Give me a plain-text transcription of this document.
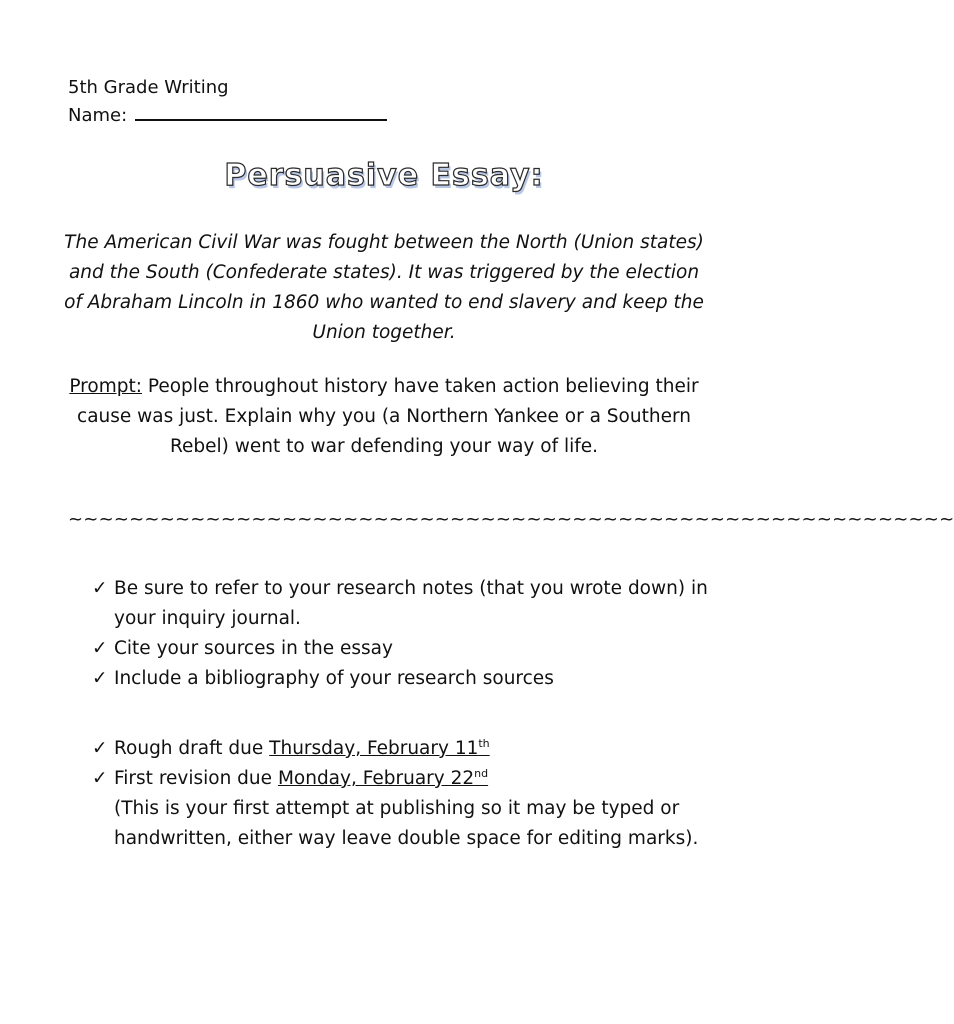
5th Grade Writing
Name:
Persuasive Essay:
The American Civil War was fought between the North (Union states) and the South (Confederate states). It was triggered by the election of Abraham Lincoln in 1860 who wanted to end slavery and keep the Union together.
Prompt: People throughout history have taken action believing their cause was just. Explain why you (a Northern Yankee or a Southern Rebel) went to war defending your way of life.
~~~~~~~~~~~~~~~~~~~~~~~~~~~~~~~~~~~~~~~~~~~~~~~~~~~~~~~~~~
✓ Be sure to refer to your research notes (that you wrote down) in your inquiry journal.
✓ Cite your sources in the essay
✓ Include a bibliography of your research sources
✓ Rough draft due Thursday, February 11th
✓ First revision due Monday, February 22nd
(This is your first attempt at publishing so it may be typed or handwritten, either way leave double space for editing marks).
